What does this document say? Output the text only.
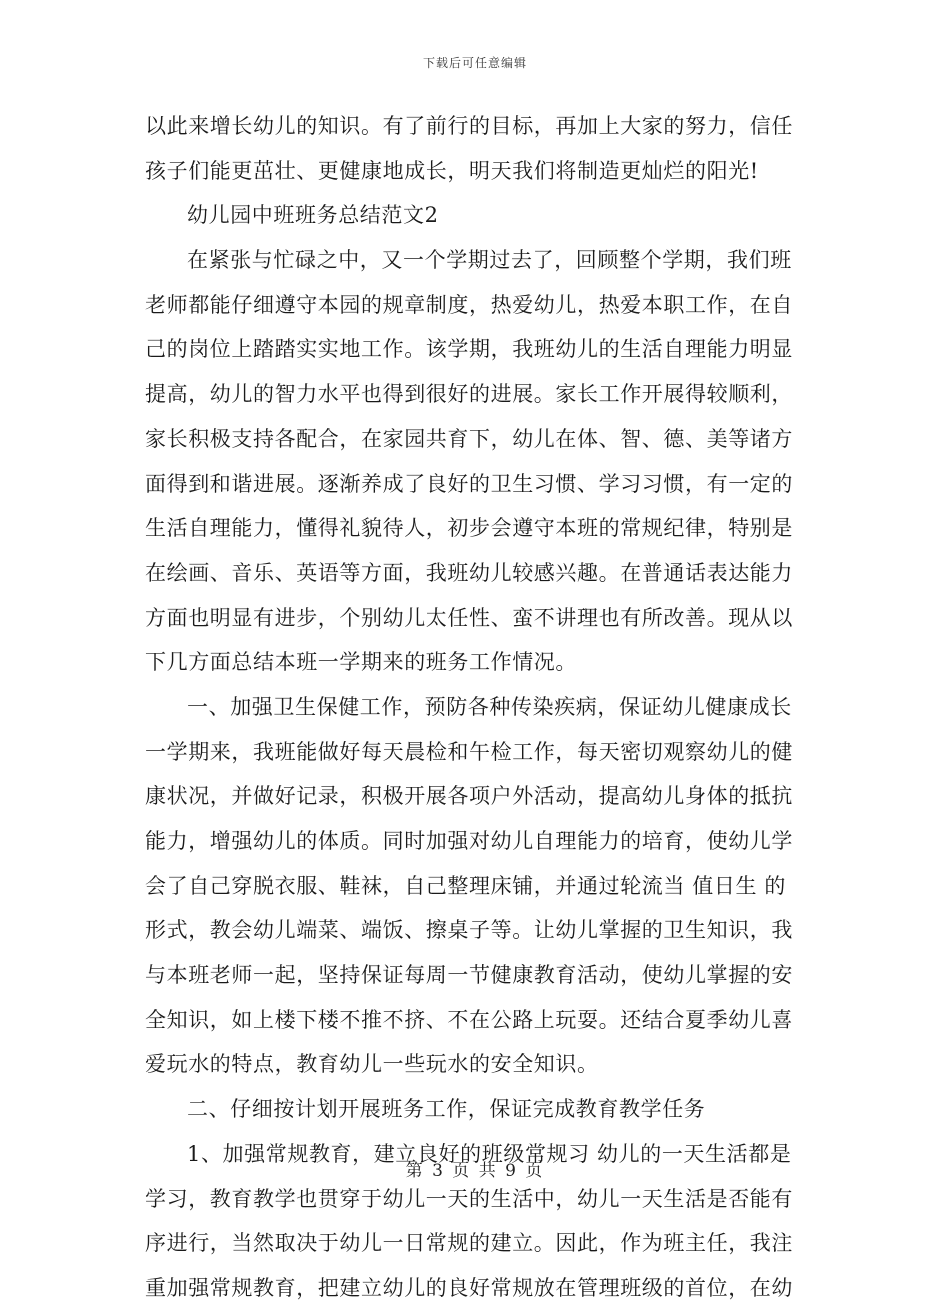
下载后可任意编辑
以此来增长幼儿的知识。有了前行的目标，再加上大家的努力，信任
孩子们能更茁壮、更健康地成长，明天我们将制造更灿烂的阳光!
幼儿园中班班务总结范文2
在紧张与忙碌之中，又一个学期过去了，回顾整个学期，我们班
老师都能仔细遵守本园的规章制度，热爱幼儿，热爱本职工作，在自
己的岗位上踏踏实实地工作。该学期，我班幼儿的生活自理能力明显
提高，幼儿的智力水平也得到很好的进展。家长工作开展得较顺利，
家长积极支持各配合，在家园共育下，幼儿在体、智、德、美等诸方
面得到和谐进展。逐渐养成了良好的卫生习惯、学习习惯，有一定的
生活自理能力，懂得礼貌待人，初步会遵守本班的常规纪律，特别是
在绘画、音乐、英语等方面，我班幼儿较感兴趣。在普通话表达能力
方面也明显有进步，个别幼儿太任性、蛮不讲理也有所改善。现从以
下几方面总结本班一学期来的班务工作情况。
一、加强卫生保健工作，预防各种传染疾病，保证幼儿健康成长
一学期来，我班能做好每天晨检和午检工作，每天密切观察幼儿的健
康状况，并做好记录，积极开展各项户外活动，提高幼儿身体的抵抗
能力，增强幼儿的体质。同时加强对幼儿自理能力的培育，使幼儿学
会了自己穿脱衣服、鞋袜，自己整理床铺，并通过轮流当 值日生 的
形式，教会幼儿端菜、端饭、擦桌子等。让幼儿掌握的卫生知识，我
与本班老师一起，坚持保证每周一节健康教育活动，使幼儿掌握的安
全知识，如上楼下楼不推不挤、不在公路上玩耍。还结合夏季幼儿喜
爱玩水的特点，教育幼儿一些玩水的安全知识。
二、仔细按计划开展班务工作，保证完成教育教学任务
1、加强常规教育，建立良好的班级常规习 幼儿的一天生活都是
学习，教育教学也贯穿于幼儿一天的生活中，幼儿一天生活是否能有
序进行，当然取决于幼儿一日常规的建立。因此，作为班主任，我注
重加强常规教育，把建立幼儿的良好常规放在管理班级的首位，在幼
第 3 页 共 9 页
